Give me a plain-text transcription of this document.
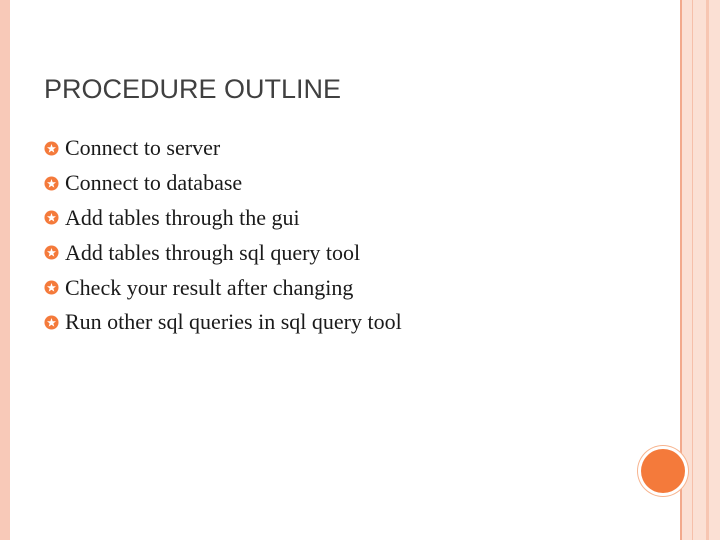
PROCEDURE OUTLINE
Connect to server
Connect to database
Add tables through the gui
Add tables through sql query tool
Check your result after changing
Run other sql queries in sql query tool
